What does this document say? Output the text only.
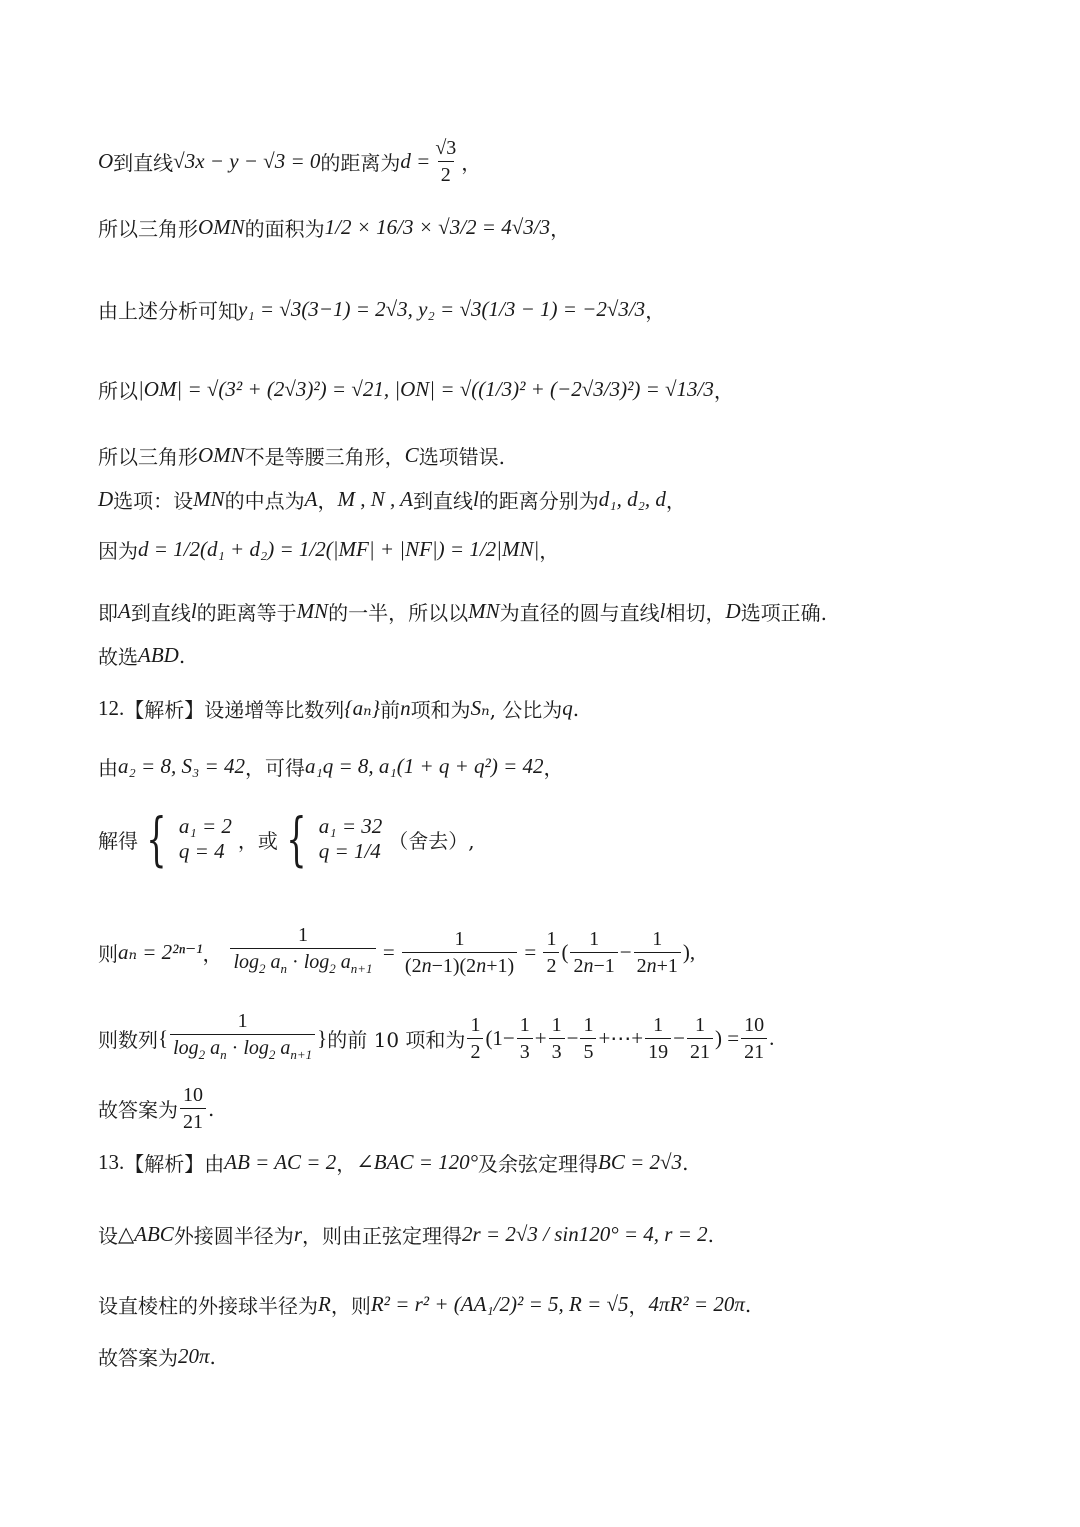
O 到直线 √3x − y − √3 = 0 的距离为 $d = \frac{√3}{2}$ ，
所以三角形 OMN 的面积为 1/2 × 16/3 × √3/2 = 4√3/3 ，
由上述分析可知 y₁ = √3(3−1) = 2√3, y₂ = √3(1/3 − 1) = −2√3/3 ，
所以 |OM| = √(3² + (2√3)²) = √21, |ON| = √((1/3)² + (−2√3/3)²) = √13/3 ，
所以三角形 OMN 不是等腰三角形， C 选项错误.
D 选项：设 MN 的中点为 A ， M , N , A 到直线 l 的距离分别为 d₁, d₂, d ，
因为 d = 1/2(d₁ + d₂) = 1/2(|MF| + |NF|) = 1/2|MN| ，
即 A 到直线 l 的距离等于 MN 的一半，所以以 MN 为直径的圆与直线 l 相切， D 选项正确.
故选 ABD .
12. 【解析】 设递增等比数列 {aₙ} 前 n 项和为 Sₙ , 公比为 q .
由 a₂ = 8, S₃ = 42 ，可得 a₁q = 8, a₁(1 + q + q²) = 42 ，
解得 { a₁ = 2
q = 4 ，或 { a₁ = 32
q = 1/4 （舍去）,
则 aₙ = 2²ⁿ⁻¹ ， $\frac{1}{\log_2 a_n \cdot \log_2 a_{n+1}} = \frac{1}{(2n-1)(2n+1)} = \frac{1}{2}$ ( $\frac{1}{2n-1} - \frac{1}{2n+1}$ ),
则数列 { $\frac{1}{\log_2 a_n \cdot \log_2 a_{n+1}}$ } 的前 10 项和为 $\frac{1}{2} (1- \frac{1}{3} + \frac{1}{3} - \frac{1}{5}$ +⋯+ $\frac{1}{19} - \frac{1}{21}$ ) = $\frac{10}{21}$ .
故答案为 $\frac{10}{21}$ .
13. 【解析】 由 AB = AC = 2 ， ∠BAC = 120° 及余弦定理得 BC = 2√3 .
设 △ABC 外接圆半径为 r ，则由正弦定理得 2r = 2√3 / sin120° = 4, r = 2 .
设直棱柱的外接球半径为 R ，则 R² = r² + (AA₁/2)² = 5, R = √5 ， 4πR² = 20π .
故答案为 20π .
